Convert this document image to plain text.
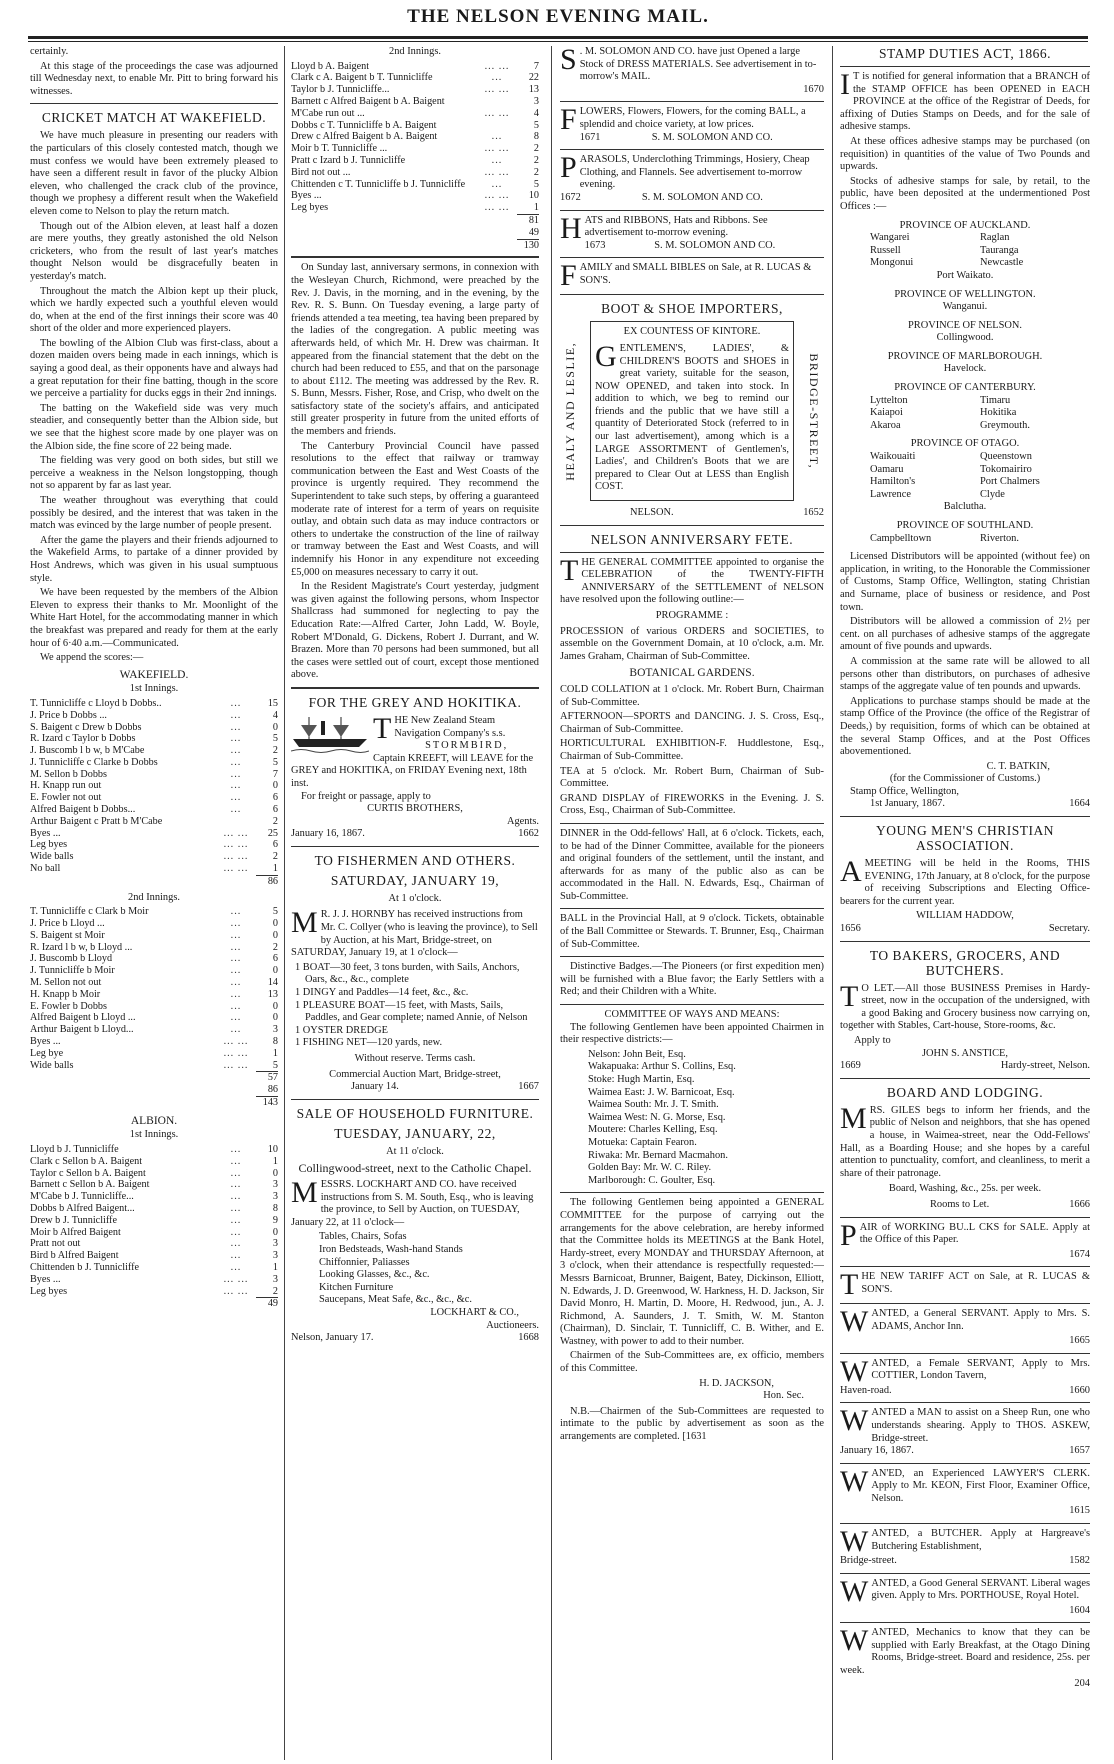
THE NELSON EVENING MAIL.

certainly.

At this stage of the proceedings the case was adjourned till Wednesday next, to enable Mr. Pitt to bring forward his witnesses.

CRICKET MATCH AT WAKEFIELD.

We have much pleasure in presenting our readers with the particulars of this closely contested match, though we must confess we would have been extremely pleased to have seen a different result in favor of the plucky Albion eleven, who challenged the crack club of the province, though we prophesy a different result when the Wakefield eleven come to Nelson to play the return match.

Though out of the Albion eleven, at least half a dozen are mere youths, they greatly astonished the old Nelson cricketers, who from the result of last year's matches thought Nelson would be disgracefully beaten in yesterday's match.

Throughout the match the Albion kept up their pluck, which we hardly expected such a youthful eleven would do, when at the end of the first innings their score was 40 short of the older and more experienced players.

The bowling of the Albion Club was first-class, about a dozen maiden overs being made in each innings, which is saying a good deal, as their opponents have and always had a great reputation for their fine batting, though in the score we perceive a partiality for ducks eggs in their 2nd innings.

The batting on the Wakefield side was very much steadier, and consequently better than the Albion side, but we see that the highest score made by one player was on the Albion side, the fine score of 22 being made.

The fielding was very good on both sides, but still we perceive a weakness in the Nelson longstopping, though not so apparent by far as last year.

The weather throughout was everything that could possibly be desired, and the interest that was taken in the match was evinced by the large number of people present.

After the game the players and their friends adjourned to the Wakefield Arms, to partake of a dinner provided by Host Andrews, which was given in his usual sumptuous style.

We have been requested by the members of the Albion Eleven to express their thanks to Mr. Moonlight of the White Hart Hotel, for the accommodating manner in which the breakfast was prepared and ready for them at the early hour of 6·40 a.m.—Communicated.

We append the scores:—

WAKEFIELD.
1st Innings.
T. Tunnicliffe c Lloyd b Dobbs..	...	15
J. Price b Dobbs ...	...	4
S. Baigent c Drew b Dobbs	...	0
R. Izard c Taylor b Dobbs	...	5
J. Buscomb l b w, b M'Cabe	...	2
J. Tunnicliffe c Clarke b Dobbs	...	5
M. Sellon b Dobbs	...	7
H. Knapp run out	...	0
E. Fowler not out	...	6
Alfred Baigent b Dobbs...	...	6
Arthur Baigent c Pratt b M'Cabe		2
Byes ...	... ...	25
Leg byes	... ...	6
Wide balls	... ...	2
No ball	... ...	1
86
2nd Innings.
T. Tunnicliffe c Clark b Moir	...	5
J. Price b Lloyd ...	...	0
S. Baigent st Moir	...	0
R. Izard l b w, b Lloyd ...	...	2
J. Buscomb b Lloyd	...	6
J. Tunnicliffe b Moir	...	0
M. Sellon not out	...	14
H. Knapp b Moir	...	13
E. Fowler b Dobbs	...	0
Alfred Baigent b Lloyd ...	...	0
Arthur Baigent b Lloyd...	...	3
Byes ...	... ...	8
Leg bye	... ...	1
Wide balls	... ...	5
57
86
143
ALBION.
1st Innings.
Lloyd b J. Tunnicliffe	...	10
Clark c Sellon b A. Baigent	...	1
Taylor c Sellon b A. Baigent	...	0
Barnett c Sellon b A. Baigent	...	3
M'Cabe b J. Tunnicliffe...	...	3
Dobbs b Alfred Baigent...	...	8
Drew b J. Tunnicliffe	...	9
Moir b Alfred Baigent	...	0
Pratt not out	...	3
Bird b Alfred Baigent	...	3
Chittenden b J. Tunnicliffe	...	1
Byes ...	... ...	3
Leg byes	... ...	2
49
2nd Innings.
Lloyd b A. Baigent	... ...	7
Clark c A. Baigent b T. Tunnicliffe	...	22
Taylor b J. Tunnicliffe...	... ...	13
Barnett c Alfred Baigent b A. Baigent		3
M'Cabe run out ...	... ...	4
Dobbs c T. Tunnicliffe b A. Baigent		5
Drew c Alfred Baigent b A. Baigent	...	8
Moir b T. Tunnicliffe ...	... ...	2
Pratt c Izard b J. Tunnicliffe	...	2
Bird not out ...	... ...	2
Chittenden c T. Tunnicliffe b J. Tunnicliffe	...	5
Byes ...	... ...	10
Leg byes	... ...	1
81
49
130

On Sunday last, anniversary sermons, in connexion with the Wesleyan Church, Richmond, were preached by the Rev. J. Davis, in the morning, and in the evening, by the Rev. R. S. Bunn. On Tuesday evening, a large party of friends attended a tea meeting, tea having been prepared by the ladies of the congregation. A public meeting was afterwards held, of which Mr. H. Drew was chairman. It appeared from the financial statement that the debt on the church had been reduced to £55, and that on the parsonage to about £112. The meeting was addressed by the Rev. R. S. Bunn, Messrs. Fisher, Rose, and Crisp, who dwelt on the satisfactory state of the society's affairs, and anticipated still greater prosperity in future from the united efforts of the members and friends.

The Canterbury Provincial Council have passed resolutions to the effect that railway or tramway communication between the East and West Coasts of the province is urgently required. They recommend the Superintendent to take such steps, by offering a guaranteed moderate rate of interest for a term of years on requisite outlay, and obtain such data as may induce contractors or others to undertake the construction of the line of railway or tramway between the East and West Coasts, and will indemnify his Honor in any expenditure not exceeding £5,000 on measures necessary to carry it out.

In the Resident Magistrate's Court yesterday, judgment was given against the following persons, whom Inspector Shallcrass had summoned for neglecting to pay the Education Rate:—Alfred Carter, John Ladd, W. Boyle, Robert M'Donald, G. Dickens, Robert J. Durrant, and W. Brazen. More than 70 persons had been summoned, but all the cases were settled out of court, except those mentioned above.

FOR THE GREY AND HOKITIKA.
THE New Zealand Steam Navigation Company's s.s.
STORMBIRD,
Captain KREEFT, will LEAVE for the GREY and HOKITIKA, on FRIDAY Evening next, 18th inst.
For freight or passage, apply to
CURTIS BROTHERS,
Agents.
January 16, 1867.	1662
TO FISHERMEN AND OTHERS.
SATURDAY, JANUARY 19,
At 1 o'clock.
M R. J. J. HORNBY has received instructions from Mr. C. Collyer (who is leaving the province), to Sell by Auction, at his Mart, Bridge-street, on SATURDAY, January 19, at 1 o'clock—
1 BOAT—30 feet, 3 tons burden, with Sails, Anchors, Oars, &c., &c., complete
1 DINGY and Paddles—14 feet, &c., &c.
1 PLEASURE BOAT—15 feet, with Masts, Sails, Paddles, and Gear complete; named Annie, of Nelson
1 OYSTER DREDGE
1 FISHING NET—120 yards, new.
Without reserve. Terms cash.
Commercial Auction Mart, Bridge-street,
January 14.	1667
SALE OF HOUSEHOLD FURNITURE.
TUESDAY, JANUARY, 22,
At 11 o'clock.
Collingwood-street, next to the Catholic Chapel.
MESSRS. LOCKHART AND CO. have received instructions from S. M. South, Esq., who is leaving the province, to Sell by Auction, on TUESDAY, January 22, at 11 o'clock—
Tables, Chairs, Sofas
Iron Bedsteads, Wash-hand Stands
Chiffonnier, Paliasses
Looking Glasses, &c., &c.
Kitchen Furniture
Saucepans, Meat Safe, &c., &c., &c.
LOCKHART & CO.,
Auctioneers.
Nelson, January 17.	1668
S . M. SOLOMON AND CO. have just Opened a large Stock of DRESS MATERIALS. See advertisement in to-morrow's MAIL.
1670
FLOWERS, Flowers, Flowers, for the coming BALL, a splendid and choice variety, at low prices.
1671	S. M. SOLOMON AND CO.
PARASOLS, Underclothing Trimmings, Hosiery, Cheap Clothing, and Flannels. See advertisement to-morrow evening.
1672	S. M. SOLOMON AND CO.
HATS and RIBBONS, Hats and Ribbons. See advertisement to-morrow evening.
1673	S. M. SOLOMON AND CO.
FAMILY and SMALL BIBLES on Sale, at R. LUCAS & SON'S.
BOOT & SHOE IMPORTERS,
HEALY AND LESLIE,	BRIDGE-STREET,
EX COUNTESS OF KINTORE.
GENTLEMEN'S, LADIES', & CHILDREN'S BOOTS and SHOES in great variety, suitable for the season, NOW OPENED, and taken into stock. In addition to which, we beg to remind our friends and the public that we have still a quantity of Deteriorated Stock (referred to in our last advertisement), among which is a LARGE ASSORTMENT of Gentlemen's, Ladies', and Children's Boots that we are prepared to Clear Out at LESS than English COST.
NELSON.	1652
NELSON ANNIVERSARY FETE.
THE GENERAL COMMITTEE appointed to organise the CELEBRATION of the TWENTY-FIFTH ANNIVERSARY of the SETTLEMENT of NELSON have resolved upon the following outline:—
PROGRAMME :

PROCESSION of various ORDERS and SOCIETIES, to assemble on the Government Domain, at 10 o'clock, a.m. Mr. James Graham, Chairman of Sub-Committee.

BOTANICAL GARDENS.

COLD COLLATION at 1 o'clock. Mr. Robert Burn, Chairman of Sub-Committee.

AFTERNOON—SPORTS and DANCING. J. S. Cross, Esq., Chairman of Sub-Committee.

HORTICULTURAL EXHIBITION-F. Huddlestone, Esq., Chairman of Sub-Committee.

TEA at 5 o'clock. Mr. Robert Burn, Chairman of Sub-Committee.

GRAND DISPLAY of FIREWORKS in the Evening. J. S. Cross, Esq., Chairman of Sub-Committee.

DINNER in the Odd-fellows' Hall, at 6 o'clock. Tickets, each, to be had of the Dinner Committee, available for the pioneers and original founders of the settlement, until the instant, and afterwards for as many of the public also as can be accommodated in the Hall. N. Edwards, Esq., Chairman of Sub-Committee.

BALL in the Provincial Hall, at 9 o'clock. Tickets, obtainable of the Ball Committee or Stewards. T. Brunner, Esq., Chairman of Sub-Committee.

Distinctive Badges.—The Pioneers (or first expedition men) will be furnished with a Blue favor; the Early Settlers with a Red; and their Children with a White.

COMMITTEE OF WAYS AND MEANS:

The following Gentlemen have been appointed Chairmen in their respective districts:—

Nelson: John Beit, Esq.
Wakapuaka: Arthur S. Collins, Esq.
Stoke: Hugh Martin, Esq.
Waimea East: J. W. Barnicoat, Esq.
Waimea South: Mr. J. T. Smith.
Waimea West: N. G. Morse, Esq.
Moutere: Charles Kelling, Esq.
Motueka: Captain Fearon.
Riwaka: Mr. Bernard Macmahon.
Golden Bay: Mr. W. C. Riley.
Marlborough: C. Goulter, Esq.

The following Gentlemen being appointed a GENERAL COMMITTEE for the purpose of carrying out the arrangements for the above celebration, are hereby informed that the Committee holds its MEETINGS at the Bank Hotel, Hardy-street, every MONDAY and THURSDAY Afternoon, at 3 o'clock, when their attendance is respectfully requested:—Messrs Barnicoat, Brunner, Baigent, Batey, Dickinson, Elliott, N. Edwards, J. D. Greenwood, W. Harkness, H. D. Jackson, Sir David Monro, H. Martin, D. Moore, H. Redwood, jun., A. J. Richmond, A. Saunders, J. T. Smith, W. M. Stanton (Chairman), D. Sinclair, T. Tunnicliff, C. B. Wither, and E. Wastney, with power to add to their number.

Chairmen of the Sub-Committees are, ex officio, members of this Committee.

H. D. JACKSON,
Hon. Sec.

N.B.—Chairmen of the Sub-Committees are requested to intimate to the public by advertisement as soon as the arrangements are completed. [1631

STAMP DUTIES ACT, 1866.
I T is notified for general information that a BRANCH of the STAMP OFFICE has been OPENED in EACH PROVINCE at the office of the Registrar of Deeds, for affixing of Duties Stamps on Deeds, and for the sale of adhesive stamps.

At these offices adhesive stamps may be purchased (on requisition) in quantities of the value of Two Pounds and upwards.

Stocks of adhesive stamps for sale, by retail, to the public, have been deposited at the undermentioned Post Offices :—

PROVINCE OF AUCKLAND.
Wangarei	Raglan
Russell	Tauranga
Mongonui	Newcastle
Port Waikato.
PROVINCE OF WELLINGTON.
Wanganui.
PROVINCE OF NELSON.
Collingwood.
PROVINCE OF MARLBOROUGH.
Havelock.
PROVINCE OF CANTERBURY.
Lyttelton	Timaru
Kaiapoi	Hokitika
Akaroa	Greymouth.
PROVINCE OF OTAGO.
Waikouaiti	Queenstown
Oamaru	Tokomairiro
Hamilton's	Port Chalmers
Lawrence	Clyde
Balclutha.
PROVINCE OF SOUTHLAND.
Campbelltown	Riverton.

Licensed Distributors will be appointed (without fee) on application, in writing, to the Honorable the Commissioner of Customs, Stamp Office, Wellington, stating Christian and Surname, place of business or residence, and Post town.

Distributors will be allowed a commission of 2½ per cent. on all purchases of adhesive stamps of the aggregate amount of five pounds and upwards.

A commission at the same rate will be allowed to all persons other than distributors, on purchases of adhesive stamps of the aggregate value of ten pounds and upwards.

Applications to purchase stamps should be made at the stamp Office of the Province (the office of the Registrar of Deeds,) by requisition, forms of which can be obtained at the several Stamp Offices, and at the Post Offices abovementioned.

C. T. BATKIN,
(for the Commissioner of Customs.)
Stamp Office, Wellington,
1st January, 1867.	1664
YOUNG MEN'S CHRISTIAN ASSOCIATION.
A MEETING will be held in the Rooms, THIS EVENING, 17th January, at 8 o'clock, for the purpose of receiving Subscriptions and Electing Office-bearers for the current year.
WILLIAM HADDOW,
1656	Secretary.
TO BAKERS, GROCERS, AND BUTCHERS.
T O LET.—All those BUSINESS Premises in Hardy-street, now in the occupation of the undersigned, with a good Baking and Grocery business now carrying on, together with Stables, Cart-house, Store-rooms, &c.
Apply to
JOHN S. ANSTICE,
1669	Hardy-street, Nelson.
BOARD AND LODGING.
MRS. GILES begs to inform her friends, and the public of Nelson and neighbors, that she has opened a house, in Waimea-street, near the Odd-Fellows' Hall, as a Boarding House; and she hopes by a careful attention to punctuality, comfort, and cleanliness, to merit a share of their patronage.
Board, Washing, &c., 25s. per week.
Rooms to Let.	1666
PAIR of WORKING BU..L CKS for SALE. Apply at the Office of this Paper.
1674
THE NEW TARIFF ACT on Sale, at R. LUCAS & SON'S.
WANTED, a General SERVANT. Apply to Mrs. S. ADAMS, Anchor Inn.
1665
WANTED, a Female SERVANT, Apply to Mrs. COTTIER, London Tavern,
Haven-road.	1660
WANTED a MAN to assist on a Sheep Run, one who understands shearing. Apply to THOS. ASKEW, Bridge-street.
January 16, 1867.	1657
WAN'ED, an Experienced LAWYER'S CLERK. Apply to Mr. KEON, First Floor, Examiner Office, Nelson.
1615
WANTED, a BUTCHER. Apply at Hargreave's Butchering Establishment,
Bridge-street.	1582
WANTED, a Good General SERVANT. Liberal wages given. Apply to Mrs. PORTHOUSE, Royal Hotel.
1604
WANTED, Mechanics to know that they can be supplied with Early Breakfast, at the Otago Dining Rooms, Bridge-street. Board and residence, 25s. per week.
204
